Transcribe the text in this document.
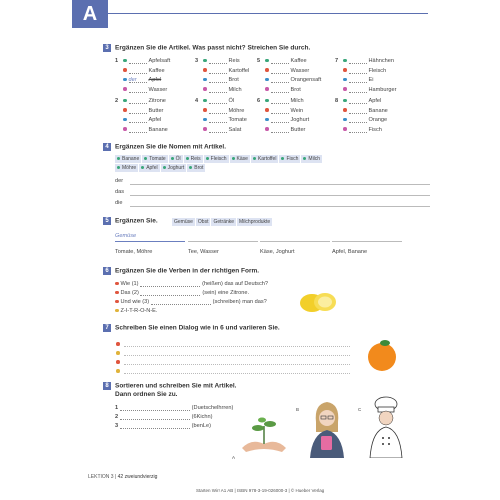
A
3 Ergänzen Sie die Artikel. Was passt nicht? Streichen Sie durch.
1	Apfelsaft
Kaffee
der Apfel
Wasser
3	Reis
Kartoffel
Brot
Milch
5	Kaffee
Wasser
Orangensaft
Brot
7	Hähnchen
Fleisch
Ei
Hamburger
2	Zitrone
Butter
Apfel
Banane
4	Öl
Möhre
Tomate
Salat
6	Milch
Wein
Joghurt
Butter
8	Apfel
Banane
Orange
Fisch
4 Ergänzen Sie die Nomen mit Artikel.
Banane Tomate Öl Reis Fleisch Käse Kartoffel Fisch Milch
Möhre Apfel Joghurt Brot
der
das
die
5 Ergänzen Sie.	Gemüse Obst Getränke Milchprodukte
Gemüse
Tomate, Möhre	Tee, Wasser	Käse, Joghurt	Apfel, Banane
6 Ergänzen Sie die Verben in der richtigen Form.
Wie (1)	(heißen) das auf Deutsch?
Das (2)	(sein) eine Zitrone.
Und wie (3)	(schreiben) man das?
Z-I-T-R-O-N-E.
7 Schreiben Sie einen Dialog wie in 6 und variieren Sie.
8 Sortieren und schreiben Sie mit Artikel.
Dann ordnen Sie zu.
1	(Duetschelhrren)
2	(6Kichn)
3	(benLe)
A
B	C
LEKTION 3 | 42 zweiundvierzig
Starten Wir! A1 AB | ISBN 978-3-19-026000-3 | © Hueber Verlag
